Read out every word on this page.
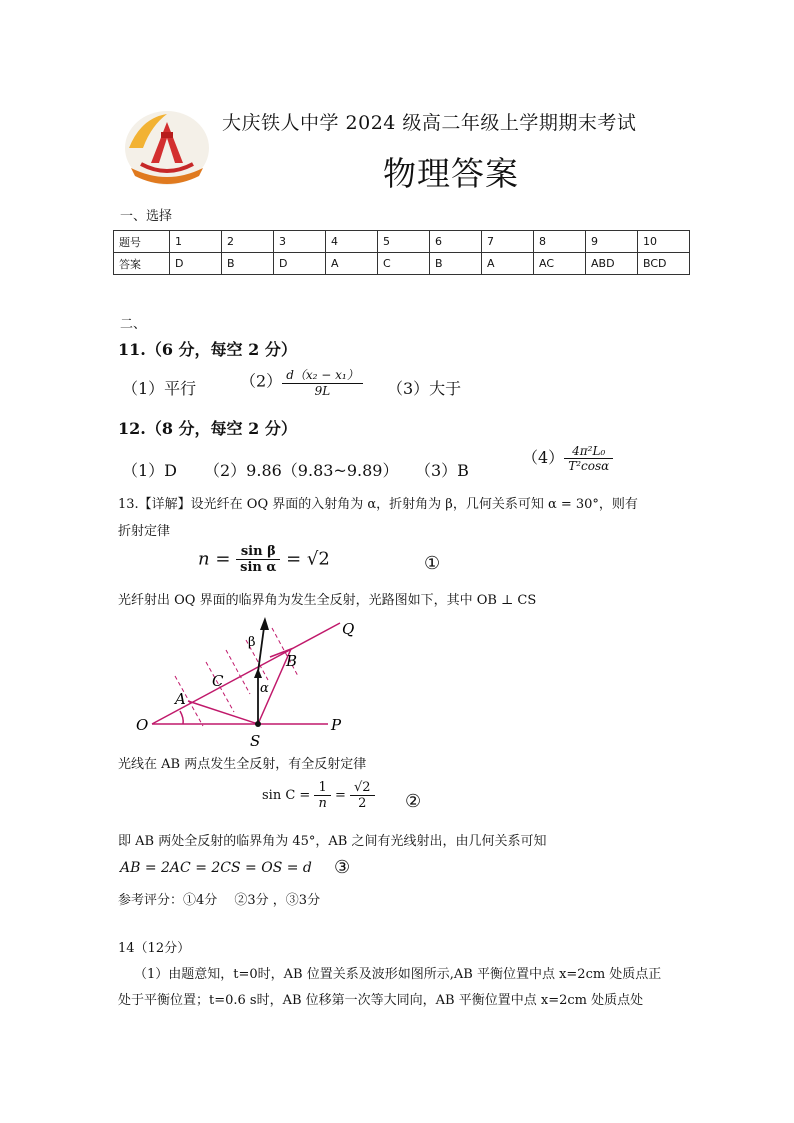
大庆铁人中学 2024 级高二年级上学期期末考试
物理答案
一、选择
题号	1	2	3	4	5	6	7	8	9	10
答案	D	B	D	A	C	B	A	AC	ABD	BCD
二、
11.（6 分，每空 2 分）
（1）平行	$(2) \frac{\text{d（x₂ − x₁）}}{9L} (3)$大于
12.（8 分，每空 2 分）
（1）D （2）9.86（9.83~9.89） （3）B
$(4) \frac{\text{4π²L₀}}{\text{T²cosα}}$
13.【详解】设光纤在 OQ 界面的入射角为 α，折射角为 β，几何关系可知 α = 30°，则有
折射定律
$n = \frac{\text{sin β}}{\text{sin α}} = √2$	①
光纤射出 OQ 界面的临界角为发生全反射，光路图如下，其中 OB ⊥ CS
Q
B
β
C	α
A
O
S
P
光线在 AB 两点发生全反射，有全反射定律
$\sin C = \frac{1}{n} = \frac{√2}{2}$ ②
即 AB 两处全反射的临界角为 45°，AB 之间有光线射出，由几何关系可知
AB = 2AC = 2CS = OS = d ③
参考评分：①4分　 ②3分 ，③3分
14（12分）
（1）由题意知，t=0时，AB 位置关系及波形如图所示,AB 平衡位置中点 x=2cm 处质点正
处于平衡位置；t=0.6 s时，AB 位移第一次等大同向，AB 平衡位置中点 x=2cm 处质点处
